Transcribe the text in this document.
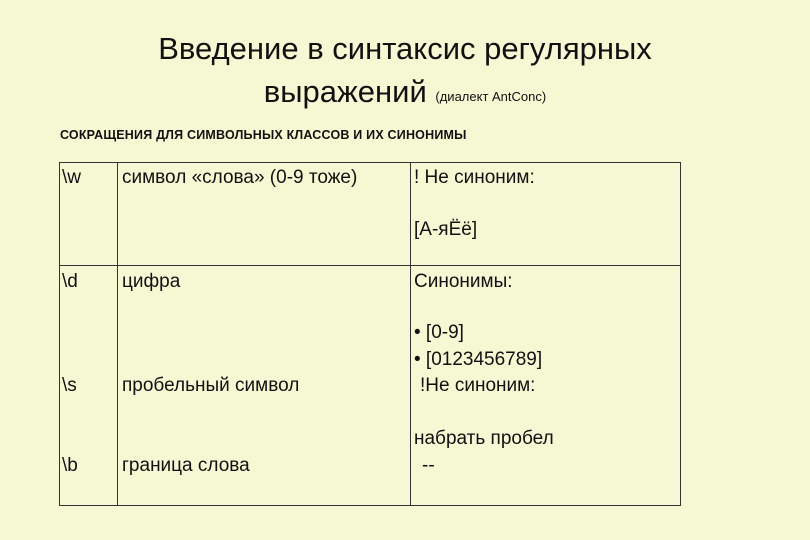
Введение в синтаксис регулярных
выражений (диалект AntConc)
СОКРАЩЕНИЯ ДЛЯ СИМВОЛЬНЫХ КЛАССОВ И ИХ СИНОНИМЫ
\w
\d
\s
\b
символ «слова» (0-9 тоже)
цифра
пробельный символ
граница слова
! Не синоним:
[А-яЁё]
Синонимы:
• [0-9]
• [0123456789]
!Не синоним:
набрать пробел
--
